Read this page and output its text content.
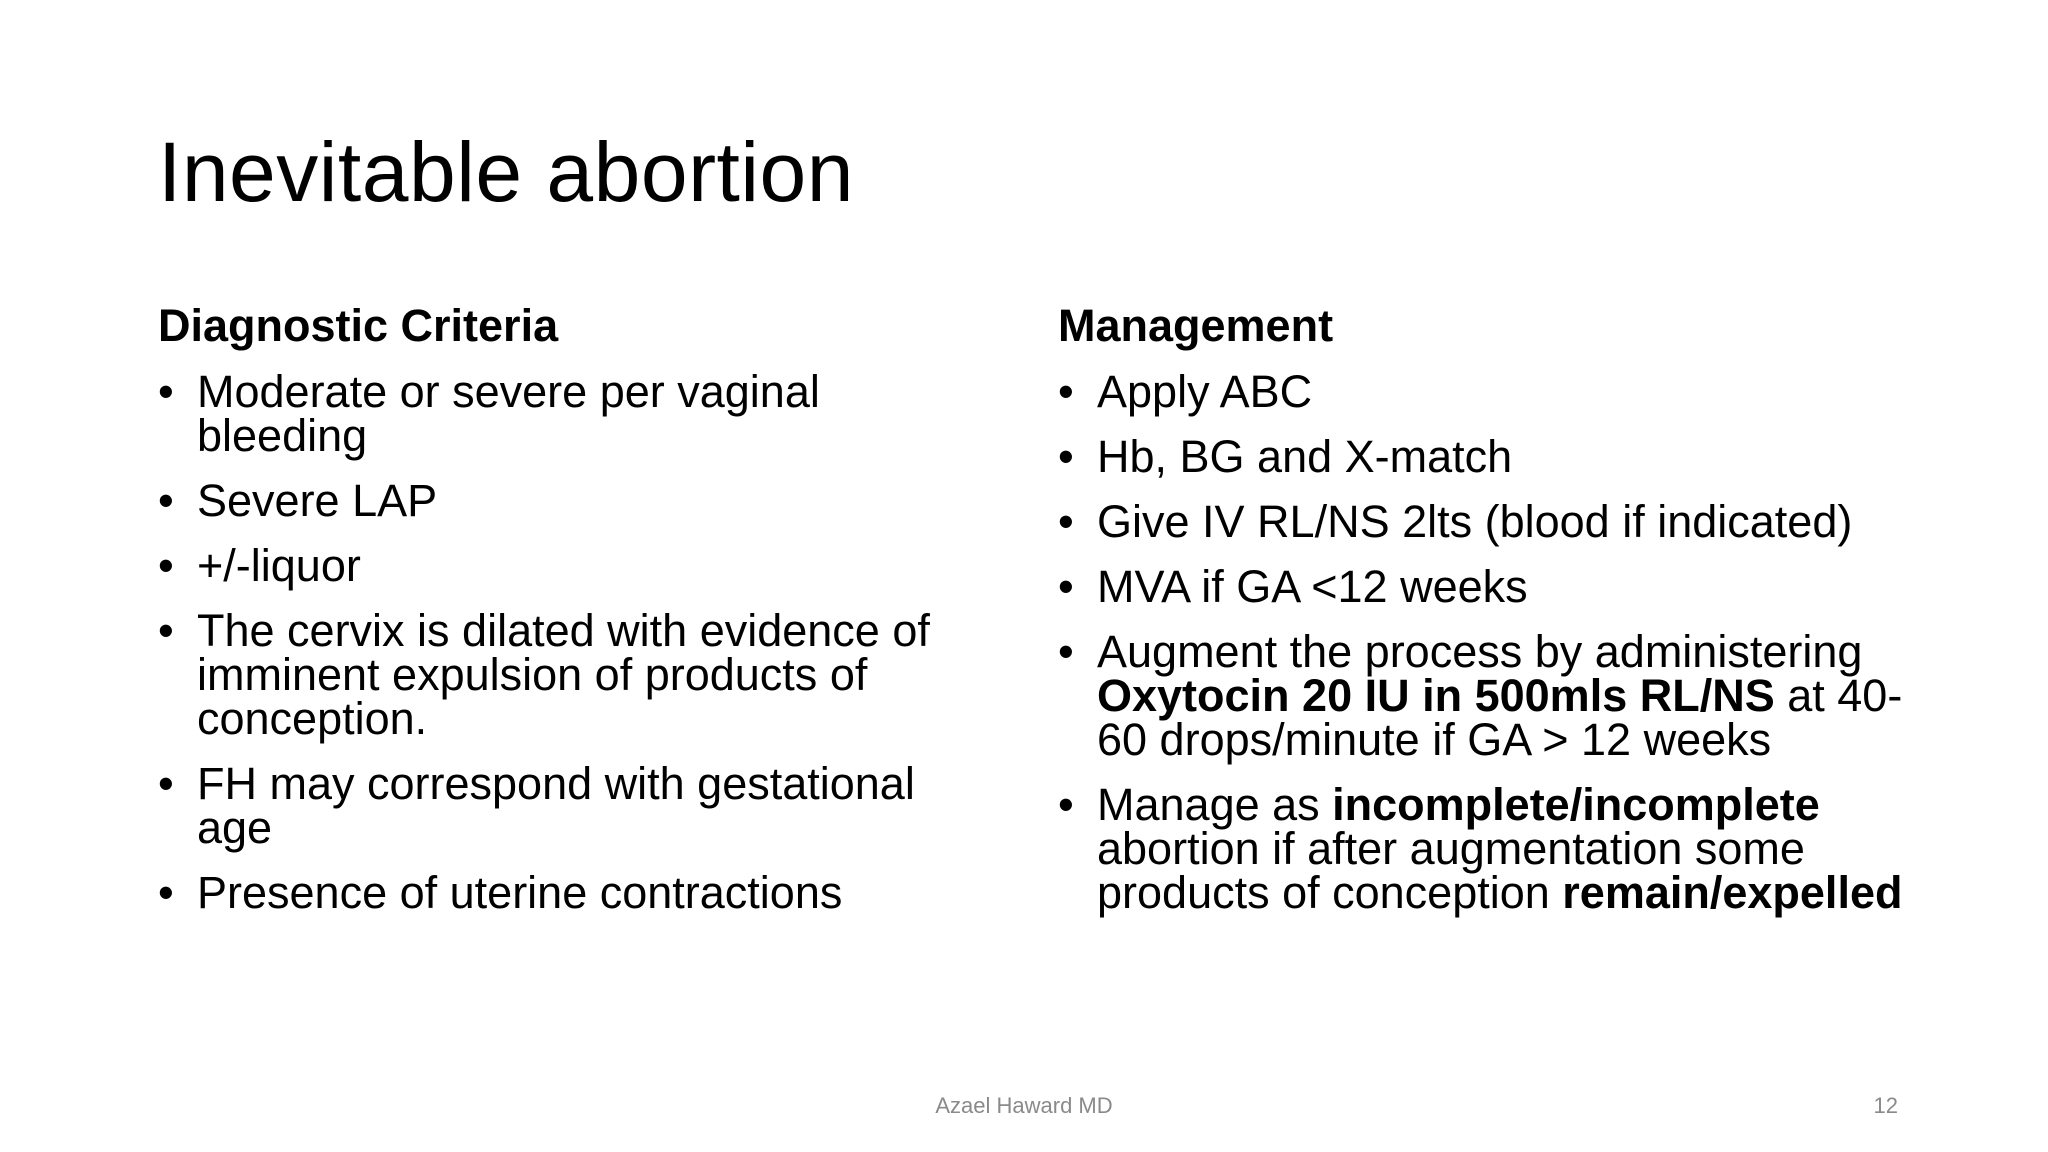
Inevitable abortion
Diagnostic Criteria
• Moderate or severe per vaginal bleeding
• Severe LAP
• +/-liquor
• The cervix is dilated with evidence of imminent expulsion of products of conception.
• FH may correspond with gestational age
• Presence of uterine contractions
Management
• Apply ABC
• Hb, BG and X-match
• Give IV RL/NS 2lts (blood if indicated)
• MVA if GA <12 weeks
• Augment the process by administering Oxytocin 20 IU in 500mls RL/NS at 40-60 drops/minute if GA > 12 weeks
• Manage as incomplete/incomplete abortion if after augmentation some products of conception remain/expelled
Azael Haward MD	12
